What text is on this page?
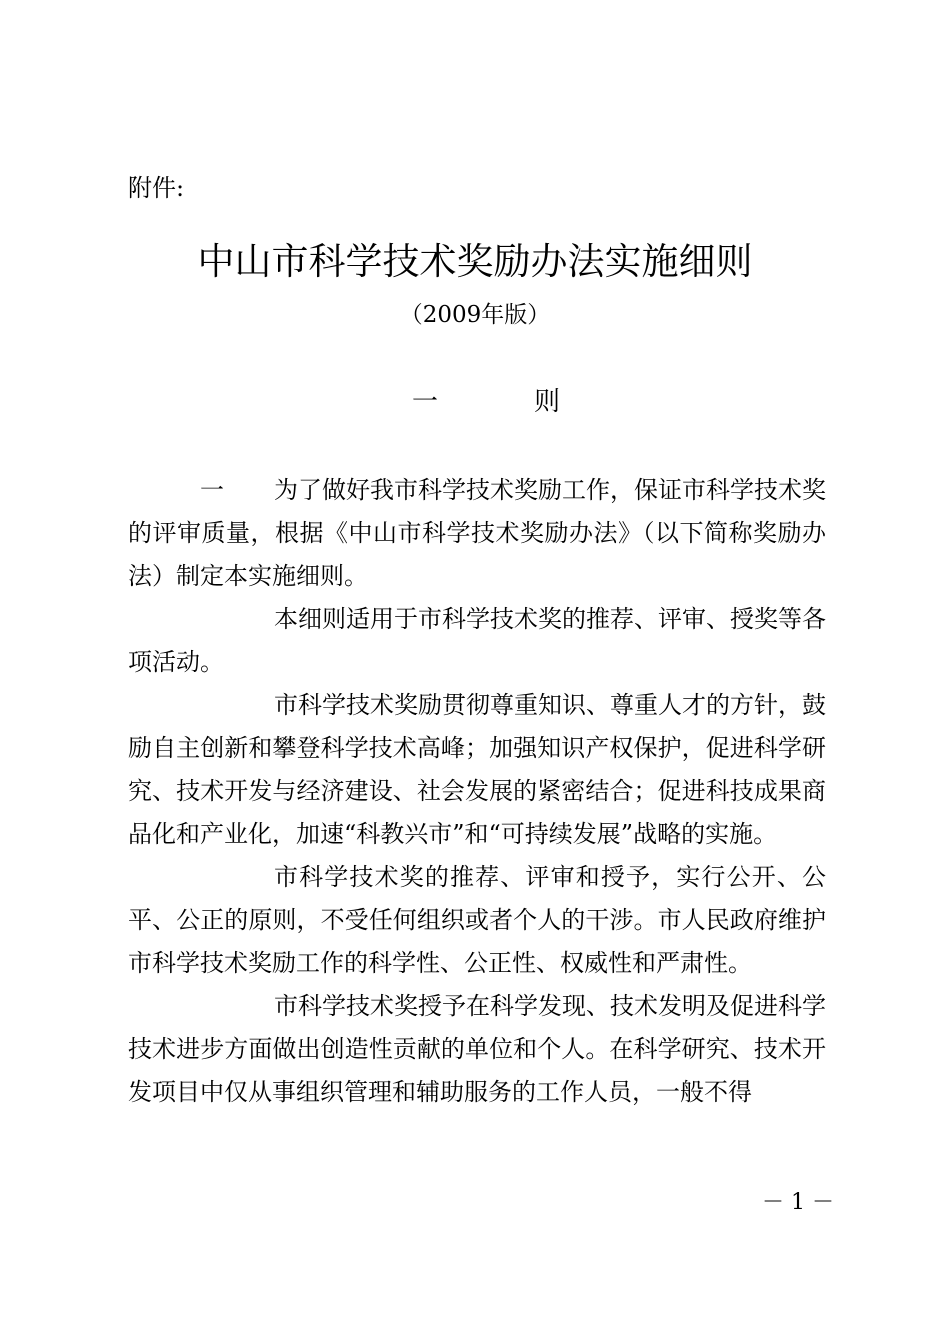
附件:
中山市科学技术奖励办法实施细则
（2009年版）
一	则

一 为了做好我市科学技术奖励工作，保证市科学技术奖的评审质量，根据《中山市科学技术奖励办法》（以下简称奖励办法）制定本实施细则。

本细则适用于市科学技术奖的推荐、评审、授奖等各项活动。

市科学技术奖励贯彻尊重知识、尊重人才的方针，鼓励自主创新和攀登科学技术高峰；加强知识产权保护，促进科学研究、技术开发与经济建设、社会发展的紧密结合；促进科技成果商品化和产业化，加速“科教兴市”和“可持续发展”战略的实施。

市科学技术奖的推荐、评审和授予，实行公开、公平、公正的原则，不受任何组织或者个人的干涉。市人民政府维护市科学技术奖励工作的科学性、公正性、权威性和严肃性。

市科学技术奖授予在科学发现、技术发明及促进科学技术进步方面做出创造性贡献的单位和个人。在科学研究、技术开发项目中仅从事组织管理和辅助服务的工作人员，一般不得

－ 1 －
